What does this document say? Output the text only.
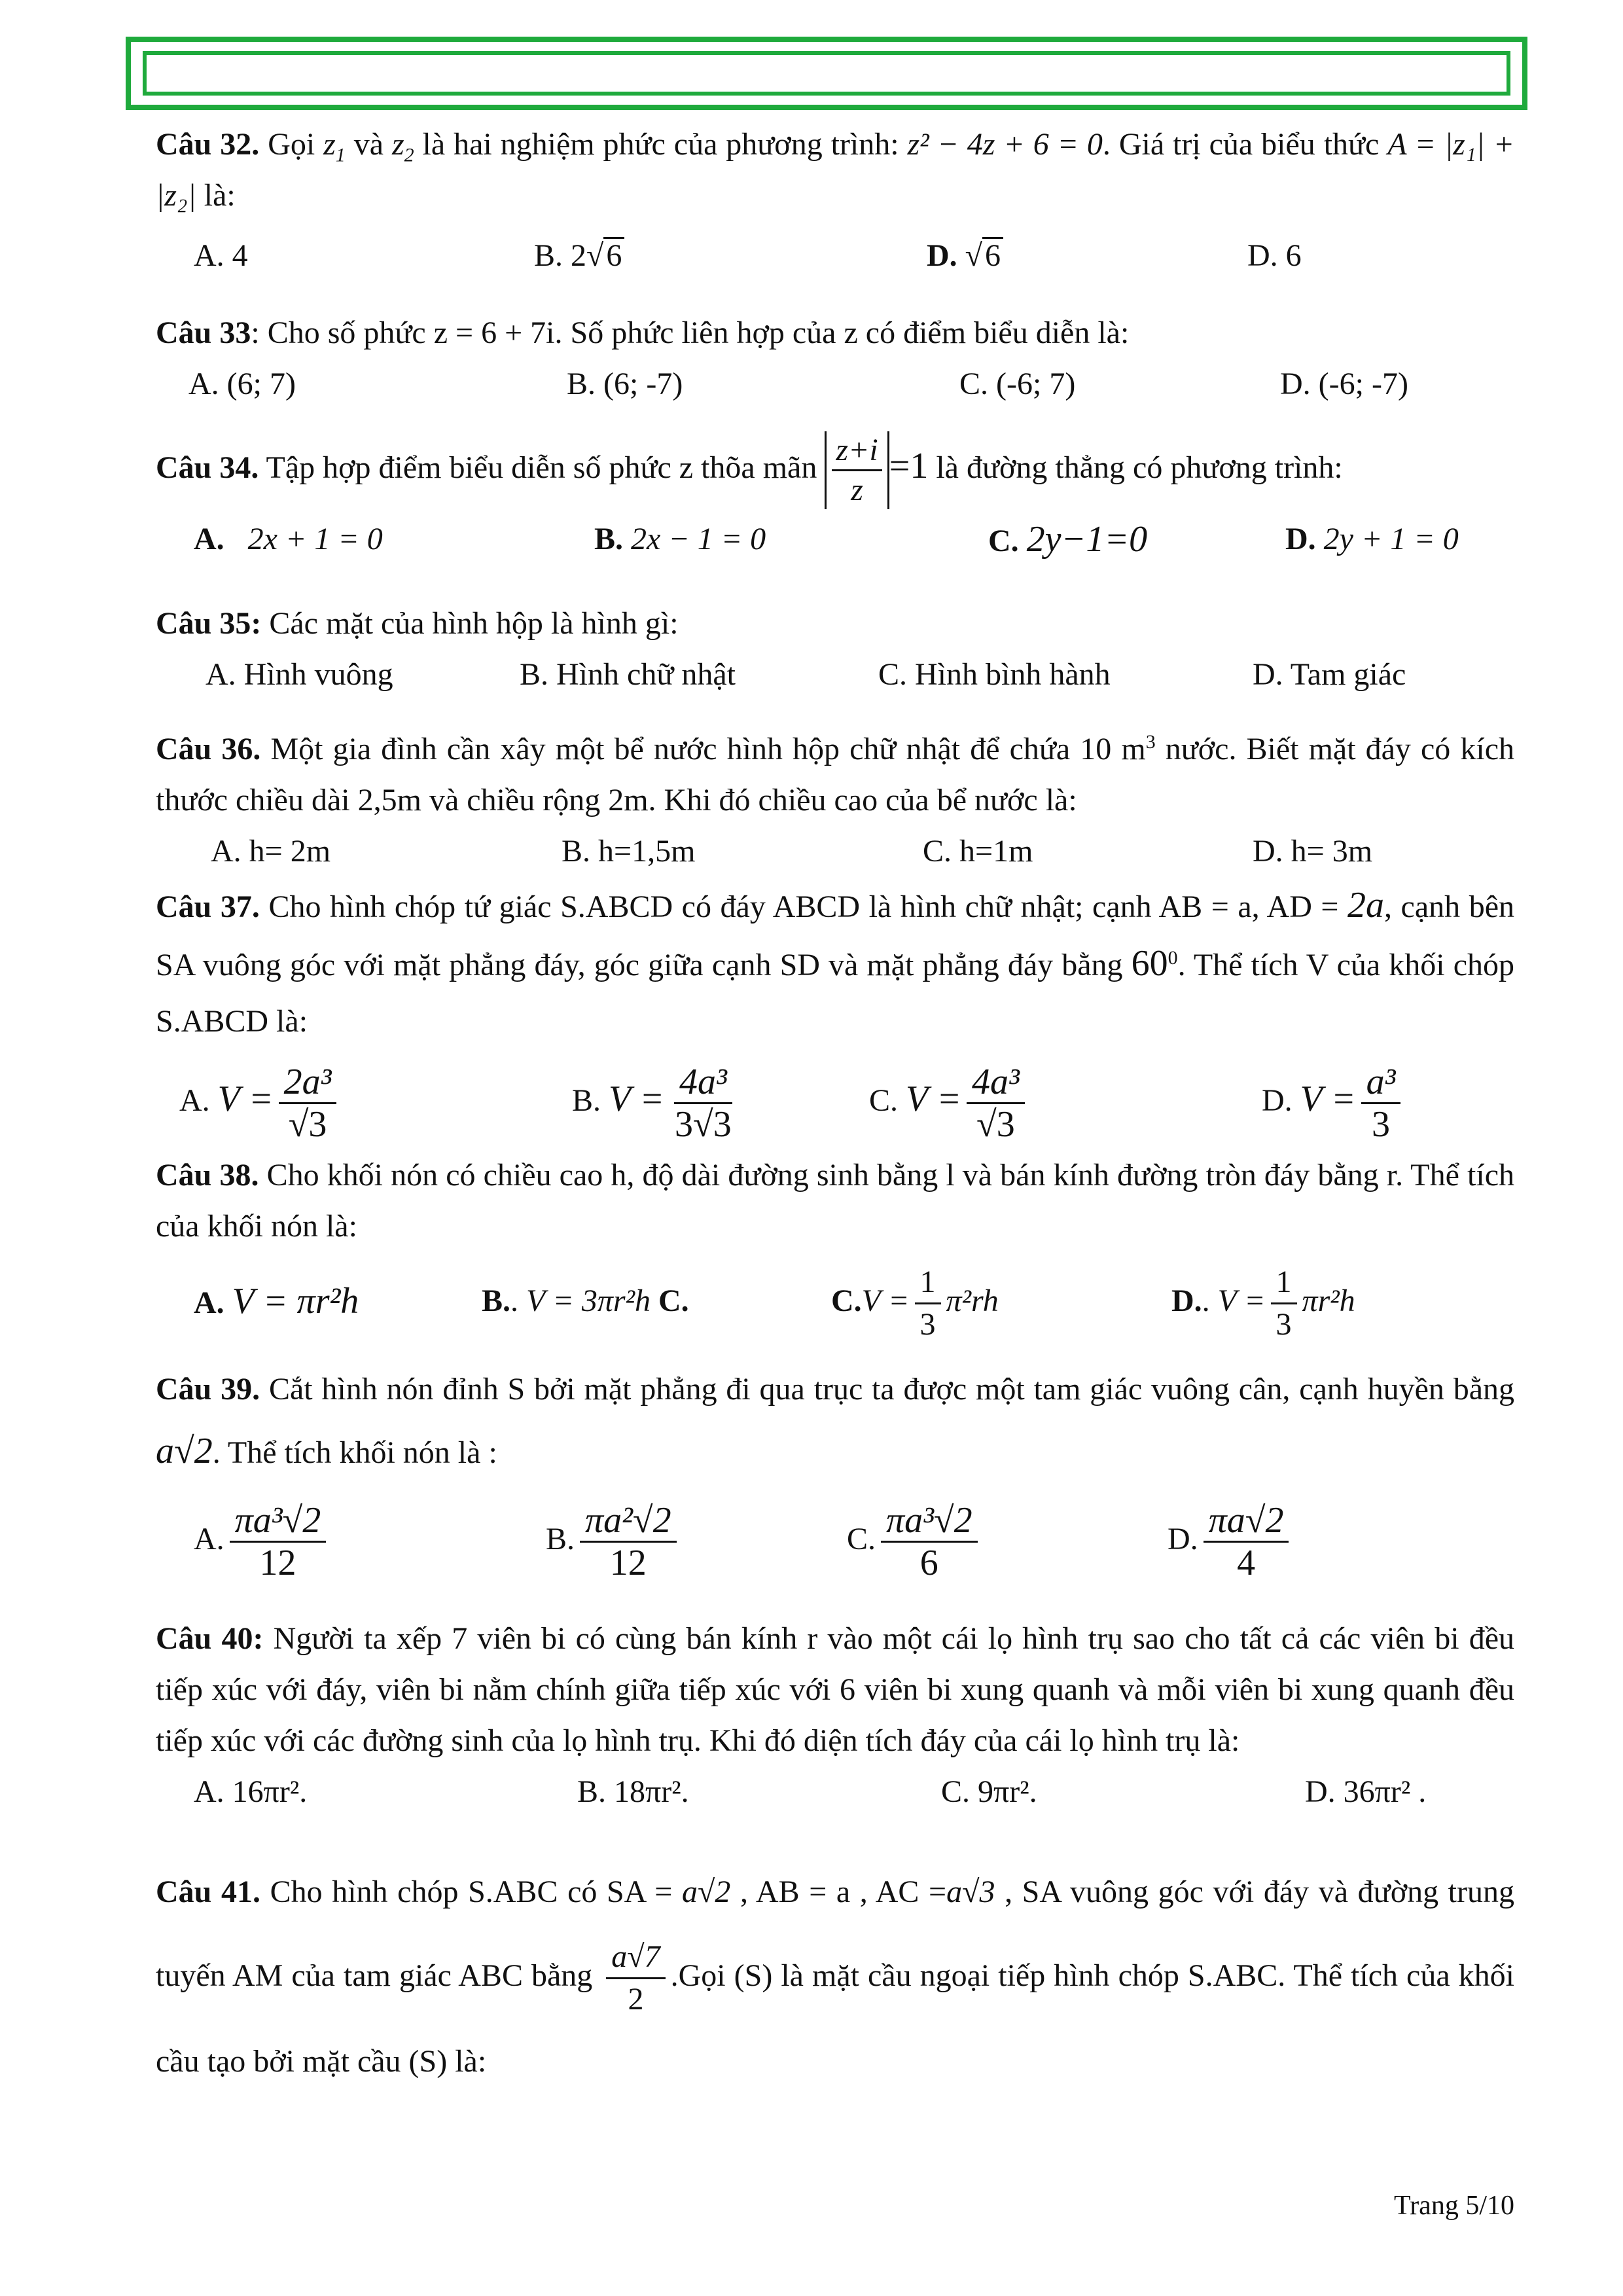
Câu 32. Gọi $z_1$ và $z_2$ là hai nghiệm phức của phương trình: z² − 4z + 6 = 0. Giá trị của biểu thức A = |z₁| + |z₂| là:

A. 4	B. 2√6	D. √6	D. 6

Câu 33: Cho số phức z = 6 + 7i. Số phức liên hợp của z có điểm biểu diễn là:

A. (6; 7)	B. (6; -7)	C. (-6; 7)	D. (-6; -7)

Câu 34. Tập hợp điểm biểu diễn số phức z thõa mãn $\frac{z+i}{z} =1$ là đường thẳng có phương trình:

A. 2x + 1 = 0	B. 2x − 1 = 0	C. 2y−1=0	D. 2y + 1 = 0

Câu 35: Các mặt của hình hộp là hình gì:

A. Hình vuông	B. Hình chữ nhật	C. Hình bình hành	D. Tam giác

Câu 36. Một gia đình cần xây một bể nước hình hộp chữ nhật để chứa 10 $m^3$ nước. Biết mặt đáy có kích thước chiều dài 2,5m và chiều rộng 2m. Khi đó chiều cao của bể nước là:

A. h= 2m	B. h=1,5m	C. h=1m	D. h= 3m

Câu 37. Cho hình chóp tứ giác S.ABCD có đáy ABCD là hình chữ nhật; cạnh AB = a, AD = 2a, cạnh bên SA vuông góc với mặt phẳng đáy, góc giữa cạnh SD và mặt phẳng đáy bằng $60^0$. Thể tích V của khối chóp S.ABCD là:

A. $V = \frac{\text{2a³}}{√3}$	B. $V = \frac{\text{4a³}}{3√3}$	C. $V = \frac{\text{4a³}}{√3}$	D. $V = \frac{\text{a³}}{3}$

Câu 38. Cho khối nón có chiều cao h, độ dài đường sinh bằng l và bán kính đường tròn đáy bằng r. Thể tích của khối nón là:

A. V = πr²h	B.. V = 3πr²h C.	$C.V = \frac{1}{3} \pi^2rh$	D.. $V = \frac{1}{3} \pi r^2h$

Câu 39. Cắt hình nón đỉnh S bởi mặt phẳng đi qua trục ta được một tam giác vuông cân, cạnh huyền bằng a√2. Thể tích khối nón là :

A. $\frac{\text{πa³√2}}{12}$	B. $\frac{\text{πa²√2}}{12}$	C. $\frac{\text{πa³√2}}{6}$	D. $\frac{\pi a√2}{4}$

Câu 40: Người ta xếp 7 viên bi có cùng bán kính r vào một cái lọ hình trụ sao cho tất cả các viên bi đều tiếp xúc với đáy, viên bi nằm chính giữa tiếp xúc với 6 viên bi xung quanh và mỗi viên bi xung quanh đều tiếp xúc với các đường sinh của lọ hình trụ. Khi đó diện tích đáy của cái lọ hình trụ là:

A. 16πr².	B. 18πr².	C. 9πr².	D. 36πr² .

Câu 41. Cho hình chóp S.ABC có SA = a√2 , AB = a , AC =a√3 , SA vuông góc với đáy và đường trung tuyến AM của tam giác ABC bằng $\frac{a√7}{2}$ .Gọi (S) là mặt cầu ngoại tiếp hình chóp S.ABC. Thể tích của khối cầu tạo bởi mặt cầu (S) là:

Trang 5/10
